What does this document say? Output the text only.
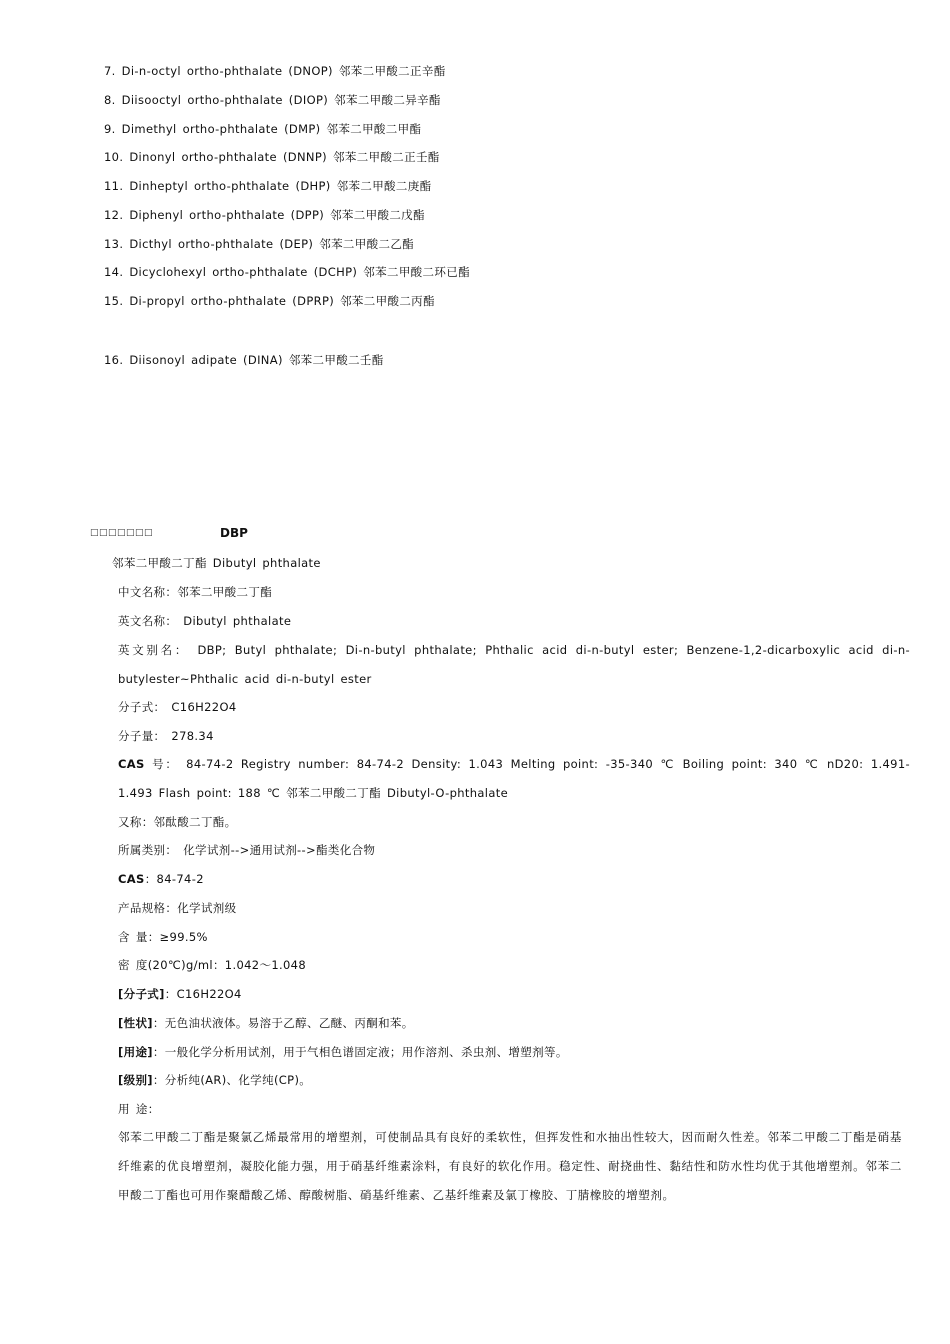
7. Di-n-octyl ortho-phthalate (DNOP) 邻苯二甲酸二正辛酯
8. Diisooctyl ortho-phthalate (DIOP) 邻苯二甲酸二异辛酯
9. Dimethyl ortho-phthalate (DMP) 邻苯二甲酸二甲酯
10. Dinonyl ortho-phthalate (DNNP) 邻苯二甲酸二正壬酯
11. Dinheptyl ortho-phthalate (DHP) 邻苯二甲酸二庚酯
12. Diphenyl ortho-phthalate (DPP) 邻苯二甲酸二戊酯
13. Dicthyl ortho-phthalate (DEP) 邻苯二甲酸二乙酯
14. Dicyclohexyl ortho-phthalate (DCHP) 邻苯二甲酸二环已酯
15. Di-propyl ortho-phthalate (DPRP) 邻苯二甲酸二丙酯
16. Diisonoyl adipate (DINA) 邻苯二甲酸二壬酯
□□□□□□□	DBP
邻苯二甲酸二丁酯 Dibutyl phthalate
中文名称：邻苯二甲酸二丁酯
英文名称： Dibutyl phthalate
英文别名： DBP; Butyl phthalate; Di-n-butyl phthalate; Phthalic acid di-n-butyl ester; Benzene-1,2-dicarboxylic acid di-n-butylester~Phthalic acid di-n-butyl ester
分子式： C16H22O4
分子量： 278.34
CAS 号： 84-74-2 Registry number: 84-74-2 Density: 1.043 Melting point: -35-340 ℃ Boiling point: 340 ℃ nD20: 1.491-1.493 Flash point: 188 ℃ 邻苯二甲酸二丁酯 Dibutyl-O-phthalate
又称：邻酞酸二丁酯。
所属类别： 化学试剂-->通用试剂-->酯类化合物
CAS：84-74-2
产品规格：化学试剂级
含 量：≥99.5%
密 度(20℃)g/ml：1.042～1.048
[分子式]：C16H22O4
[性状]：无色油状液体。易溶于乙醇、乙醚、丙酮和苯。
[用途]：一般化学分析用试剂，用于气相色谱固定液；用作溶剂、杀虫剂、增塑剂等。
[级别]：分析纯(AR)、化学纯(CP)。
用 途：
邻苯二甲酸二丁酯是聚氯乙烯最常用的增塑剂，可使制品具有良好的柔软性，但挥发性和水抽出性较大，因而耐久性差。邻苯二甲酸二丁酯是硝基纤维素的优良增塑剂，凝胶化能力强，用于硝基纤维素涂料，有良好的软化作用。稳定性、耐挠曲性、黏结性和防水性均优于其他增塑剂。邻苯二甲酸二丁酯也可用作聚醋酸乙烯、醇酸树脂、硝基纤维素、乙基纤维素及氯丁橡胶、丁腈橡胶的增塑剂。
